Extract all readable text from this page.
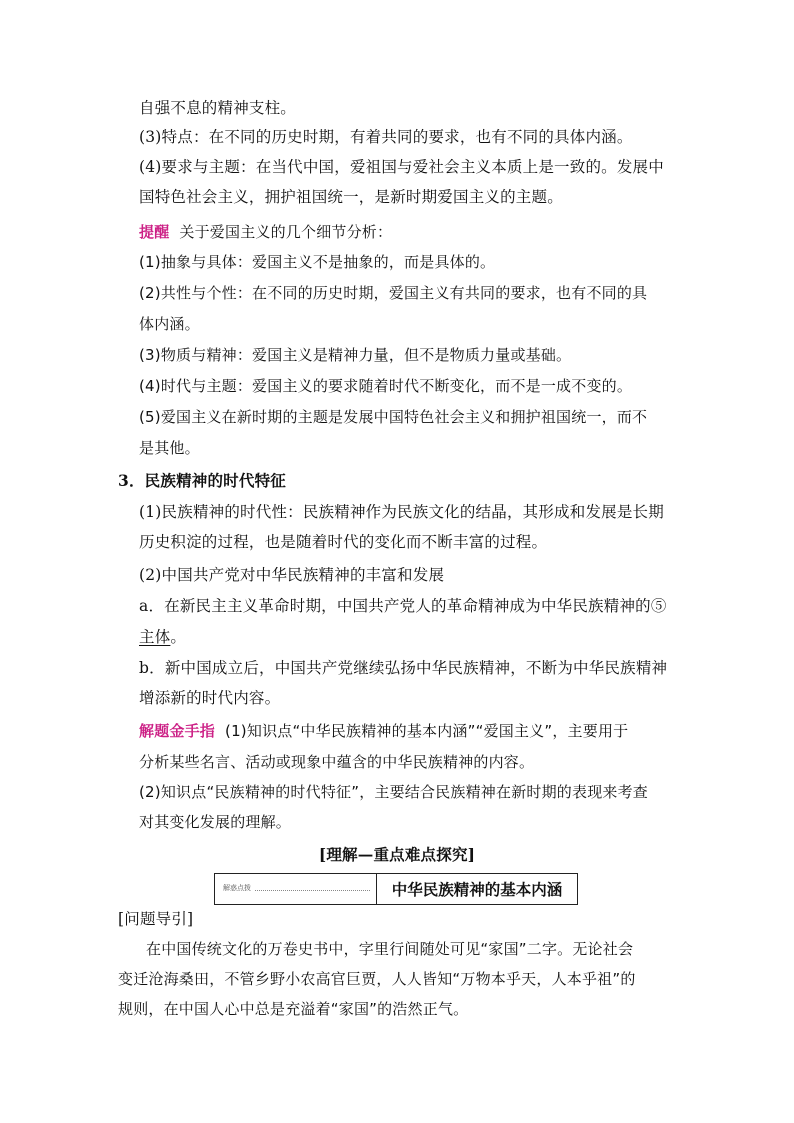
自强不息的精神支柱。
(3)特点：在不同的历史时期，有着共同的要求，也有不同的具体内涵。
(4)要求与主题：在当代中国，爱祖国与爱社会主义本质上是一致的。发展中
国特色社会主义，拥护祖国统一，是新时期爱国主义的主题。
提醒 关于爱国主义的几个细节分析：
(1)抽象与具体：爱国主义不是抽象的，而是具体的。
(2)共性与个性：在不同的历史时期，爱国主义有共同的要求，也有不同的具
体内涵。
(3)物质与精神：爱国主义是精神力量，但不是物质力量或基础。
(4)时代与主题：爱国主义的要求随着时代不断变化，而不是一成不变的。
(5)爱国主义在新时期的主题是发展中国特色社会主义和拥护祖国统一，而不
是其他。
3．民族精神的时代特征
(1)民族精神的时代性：民族精神作为民族文化的结晶，其形成和发展是长期
历史积淀的过程，也是随着时代的变化而不断丰富的过程。
(2)中国共产党对中华民族精神的丰富和发展
a．在新民主主义革命时期，中国共产党人的革命精神成为中华民族精神的⑤
主体。
b．新中国成立后，中国共产党继续弘扬中华民族精神，不断为中华民族精神
增添新的时代内容。
解题金手指 (1)知识点“中华民族精神的基本内涵”“爱国主义”，主要用于
分析某些名言、活动或现象中蕴含的中华民族精神的内容。
(2)知识点“民族精神的时代特征”，主要结合民族精神在新时期的表现来考查
对其变化发展的理解。
[理解—重点难点探究]
解惑点拨	中华民族精神的基本内涵
[问题导引]
在中国传统文化的万卷史书中，字里行间随处可见“家国”二字。无论社会
变迁沧海桑田，不管乡野小农高官巨贾，人人皆知“万物本乎天，人本乎祖”的
规则，在中国人心中总是充溢着“家国”的浩然正气。
